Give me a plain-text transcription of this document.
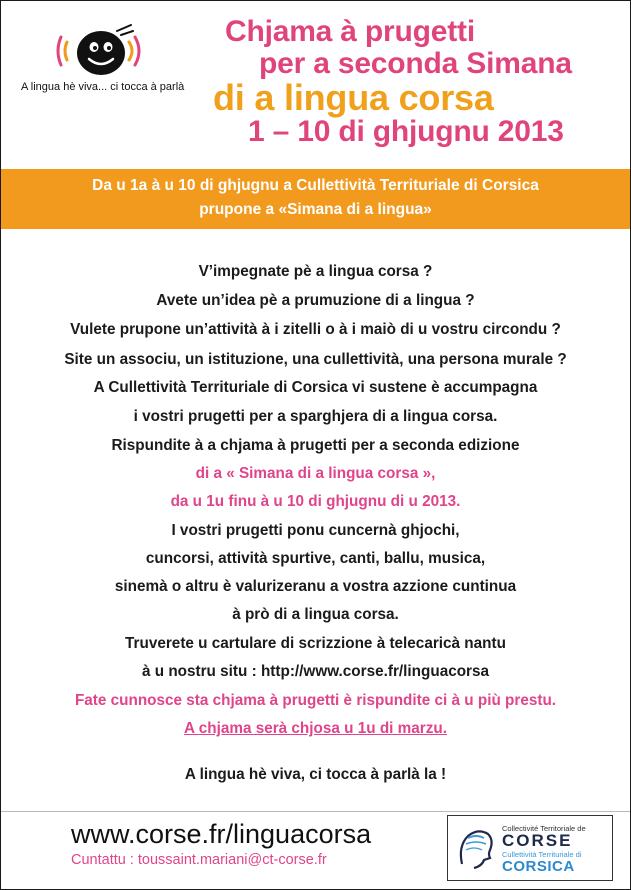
A lingua hè viva... ci tocca à parlà
Chjama à prugetti
per a seconda Simana
di a lingua corsa
1 – 10 di ghjugnu 2013
Da u 1a à u 10 di ghjugnu a Cullettività Territuriale di Corsica
prupone a «Simana di a lingua»
V’impegnate pè a lingua corsa ?
Avete un’idea pè a prumuzione di a lingua ?
Vulete prupone un’attività à i zitelli o à i maiò di u vostru circondu ?
Site un associu, un istituzione, una cullettività, una persona murale ?
A Cullettività Territuriale di Corsica vi sustene è accumpagna
i vostri prugetti per a sparghjera di a lingua corsa.
Rispundite à a chjama à prugetti per a seconda edizione
di a « Simana di a lingua corsa »,
da u 1u finu à u 10 di ghjugnu di u 2013.
I vostri prugetti ponu cuncernà ghjochi,
cuncorsi, attività spurtive, canti, ballu, musica,
sinemà o altru è valurizeranu a vostra azzione cuntinua
à prò di a lingua corsa.
Truverete u cartulare di scrizzione à telecaricà nantu
à u nostru situ : http://www.corse.fr/linguacorsa
Fate cunnosce sta chjama à prugetti è rispundite ci à u più prestu.
A chjama serà chjosa u 1u di marzu.
A lingua hè viva, ci tocca à parlà la !
www.corse.fr/linguacorsa
Cuntattu : toussaint.mariani@ct-corse.fr
Collectivité Territoriale de
CORSE
Cullettività Territuriale di
CORSICA
